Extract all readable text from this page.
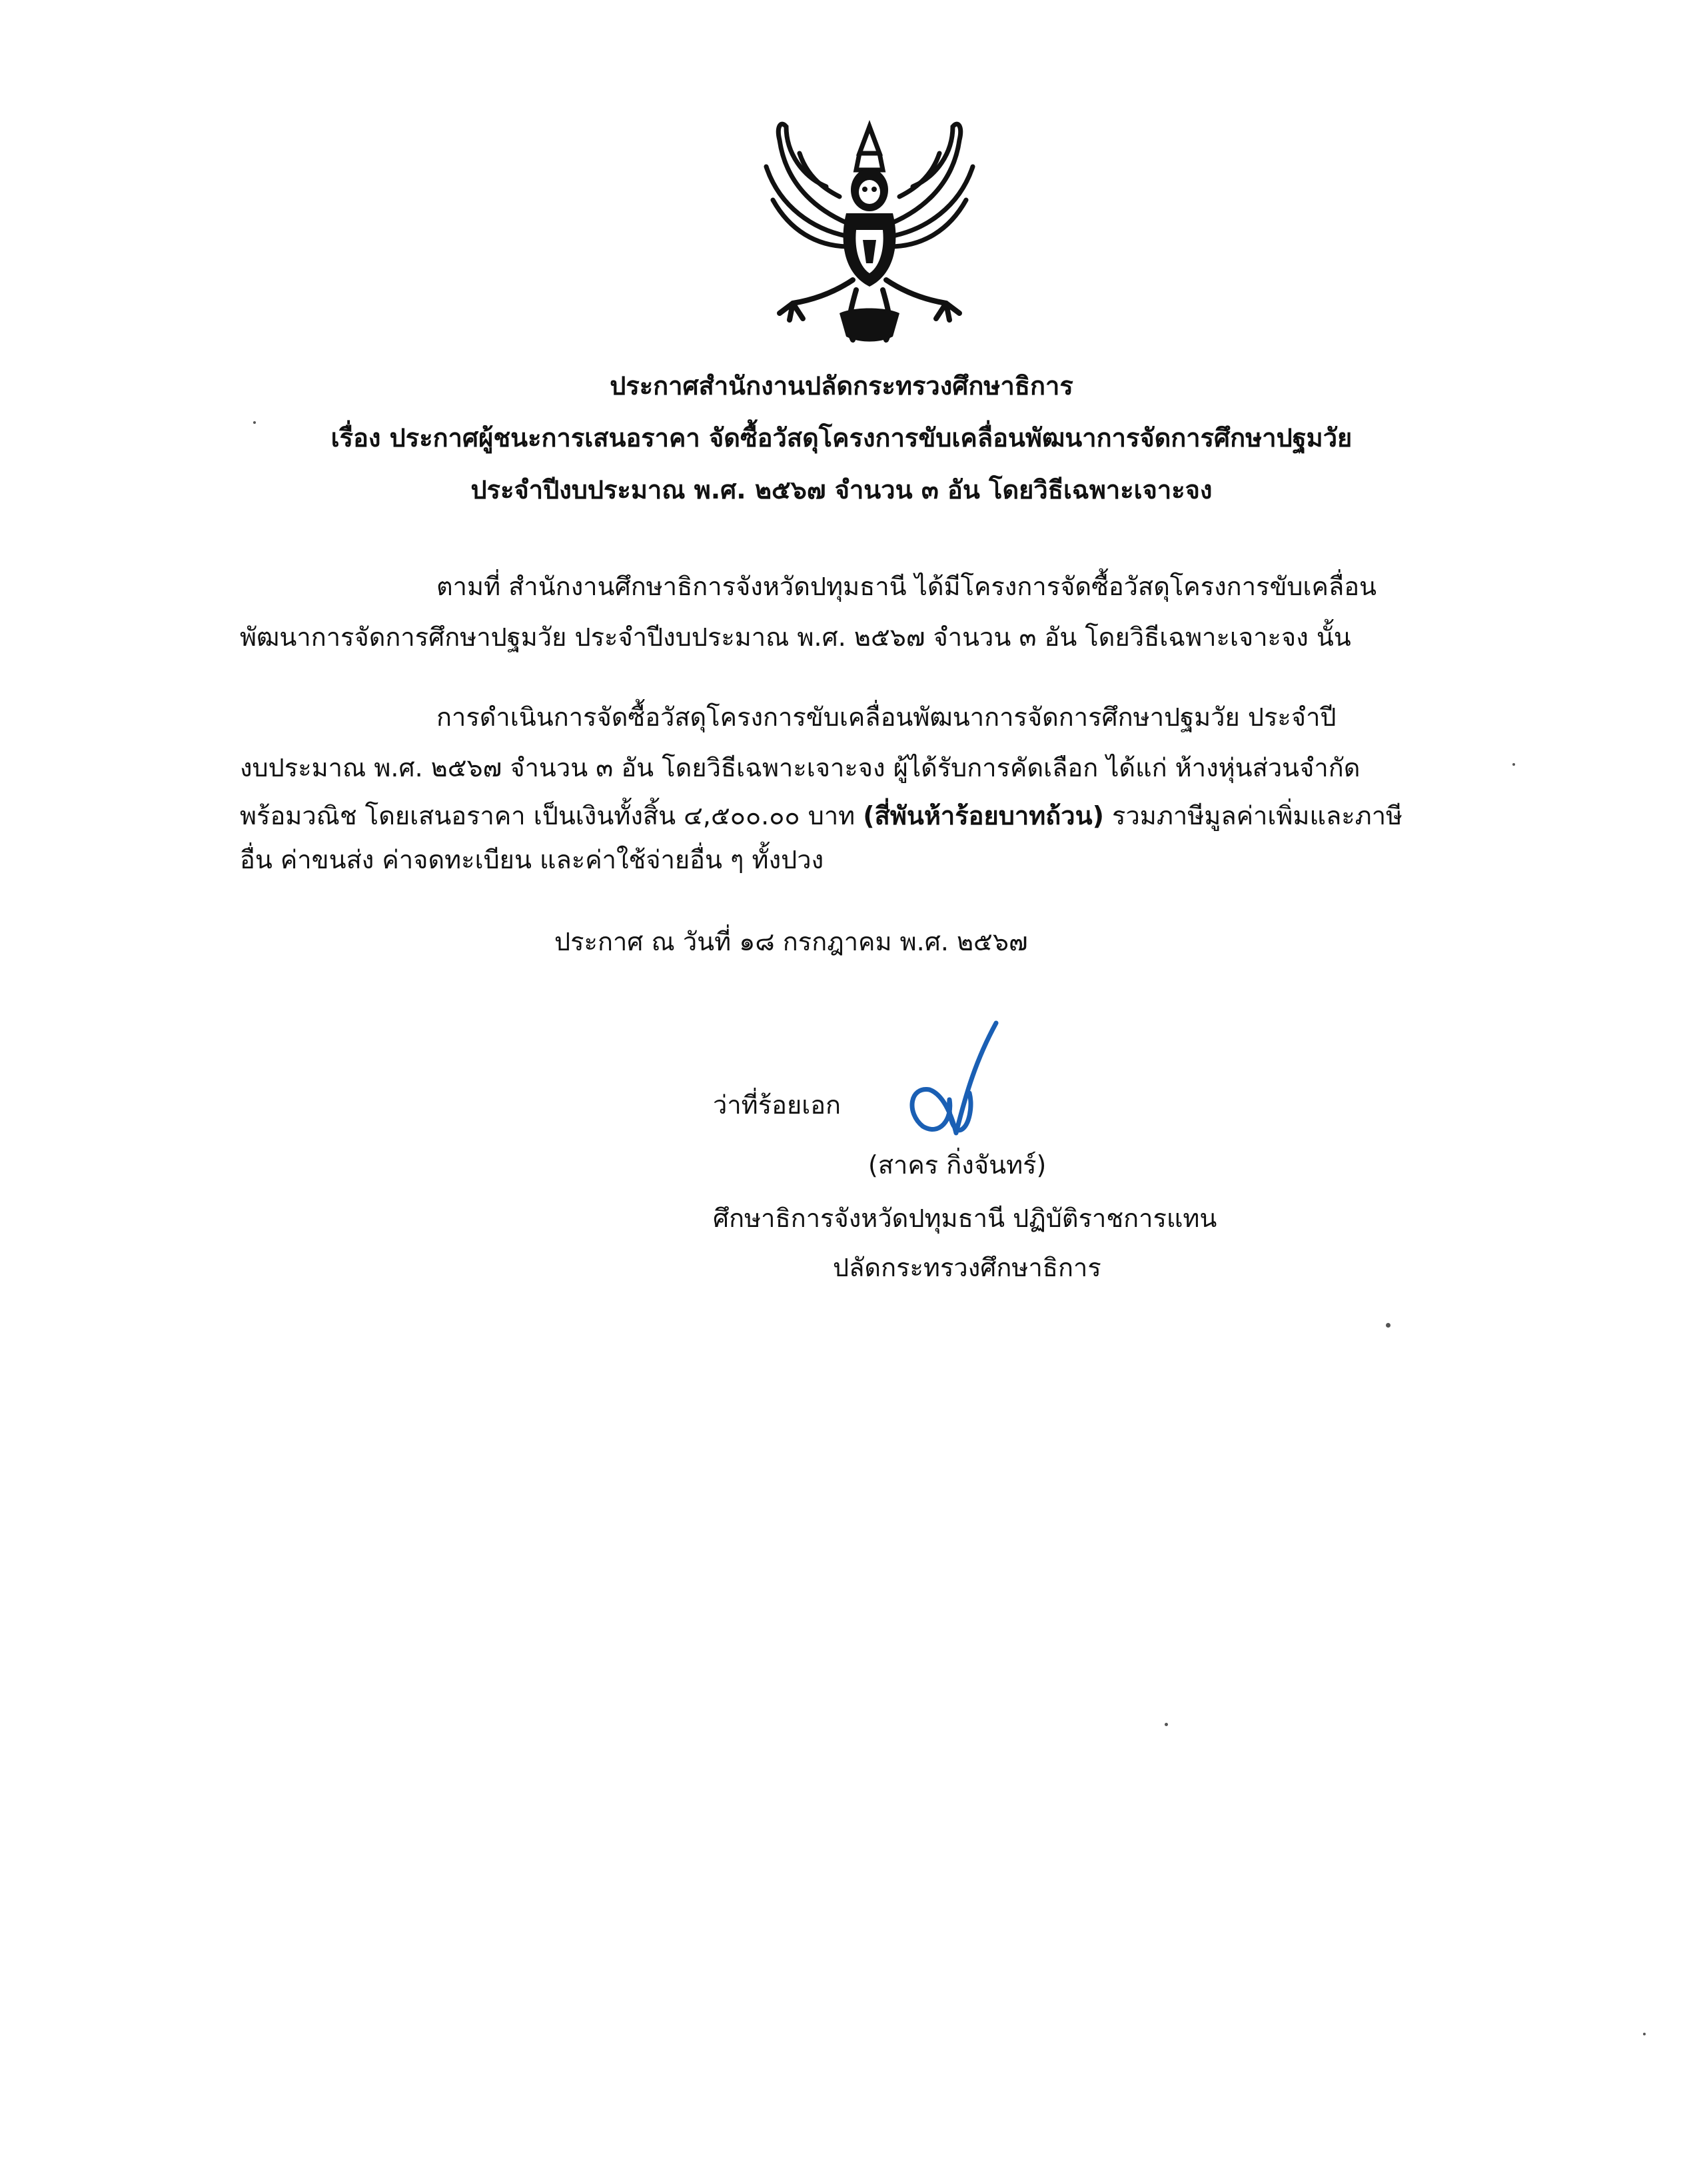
ประกาศสำนักงานปลัดกระทรวงศึกษาธิการ
เรื่อง ประกาศผู้ชนะการเสนอราคา จัดซื้อวัสดุโครงการขับเคลื่อนพัฒนาการจัดการศึกษาปฐมวัย
ประจำปีงบประมาณ พ.ศ. ๒๕๖๗ จำนวน ๓ อัน โดยวิธีเฉพาะเจาะจง
ตามที่ สำนักงานศึกษาธิการจังหวัดปทุมธานี ได้มีโครงการจัดซื้อวัสดุโครงการขับเคลื่อน
พัฒนาการจัดการศึกษาปฐมวัย ประจำปีงบประมาณ พ.ศ. ๒๕๖๗ จำนวน ๓ อัน โดยวิธีเฉพาะเจาะจง นั้น
การดำเนินการจัดซื้อวัสดุโครงการขับเคลื่อนพัฒนาการจัดการศึกษาปฐมวัย ประจำปี
งบประมาณ พ.ศ. ๒๕๖๗ จำนวน ๓ อัน โดยวิธีเฉพาะเจาะจง ผู้ได้รับการคัดเลือก ได้แก่ ห้างหุ่นส่วนจำกัด
พร้อมวณิช โดยเสนอราคา เป็นเงินทั้งสิ้น ๔,๕๐๐.๐๐ บาท (สี่พันห้าร้อยบาทถ้วน) รวมภาษีมูลค่าเพิ่มและภาษี
อื่น ค่าขนส่ง ค่าจดทะเบียน และค่าใช้จ่ายอื่น ๆ ทั้งปวง
ประกาศ ณ วันที่ ๑๘ กรกฎาคม พ.ศ. ๒๕๖๗
ว่าที่ร้อยเอก
(สาคร กิ่งจันทร์)
ศึกษาธิการจังหวัดปทุมธานี ปฏิบัติราชการแทน
ปลัดกระทรวงศึกษาธิการ
